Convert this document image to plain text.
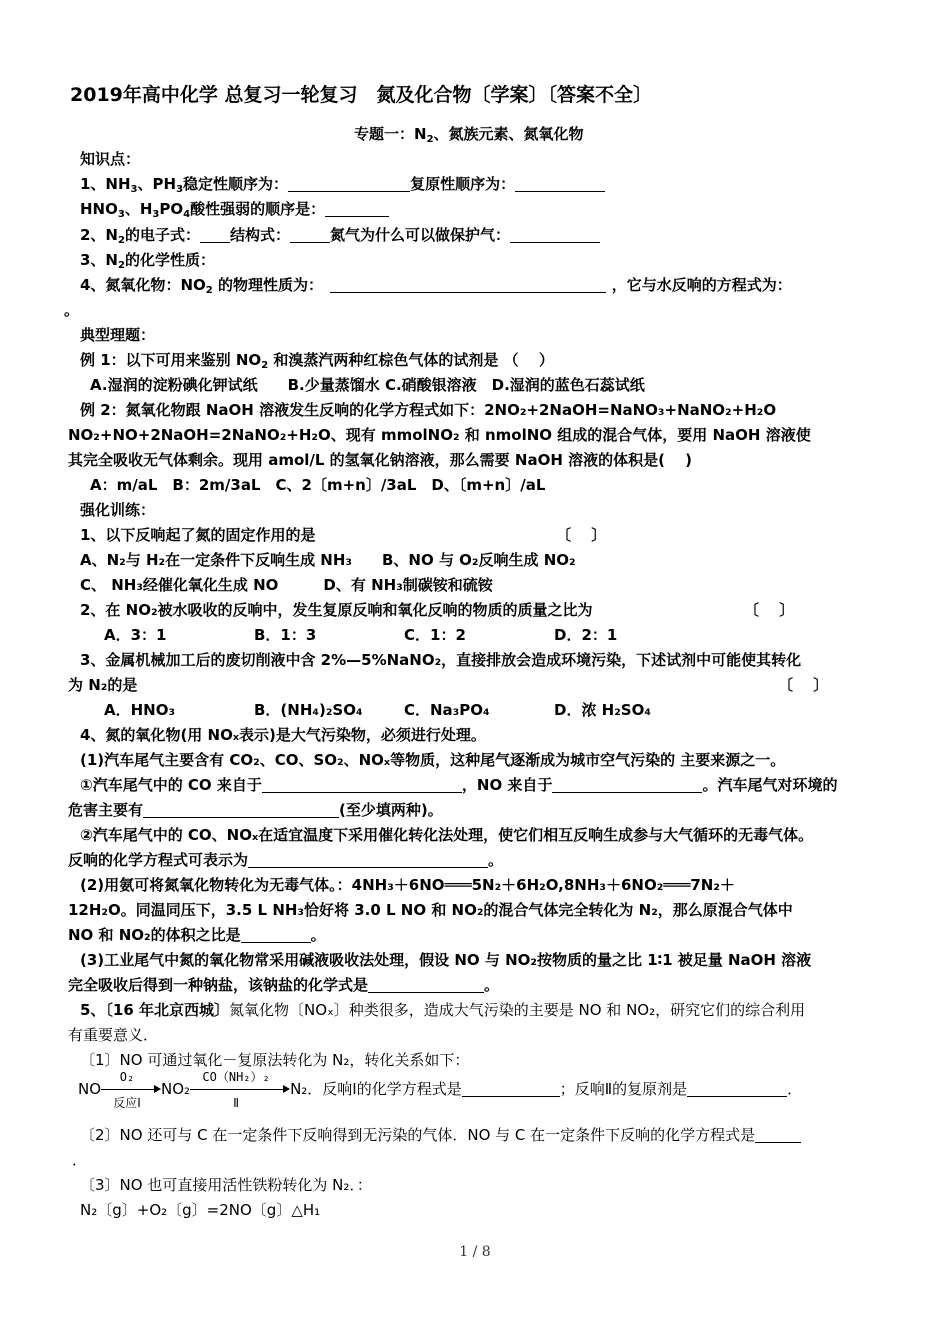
2019年高中化学 总复习一轮复习　氮及化合物〔学案〕〔答案不全〕
专题一：$N_2$、氮族元素、氮氧化物
知识点：
1、$NH_3$、$PH_3$稳定性顺序为：	复原性顺序为：
$HNO_3$、$H_3PO_4$酸性强弱的顺序是：
2、$N_2$的电子式： 结构式：	氮气为什么可以做保护气：
3、$N_2$的化学性质：
4、氮氧化物：$NO_2$ 的物理性质为：　	，它与水反响的方程式为：
。
典型理题：
例 1：以下可用来鉴别 $NO_2$ 和溴蒸汽两种红棕色气体的试剂是 （　 ）
A.湿润的淀粉碘化钾试纸　　B.少量蒸馏水 C.硝酸银溶液　D.湿润的蓝色石蕊试纸
例 2：氮氧化物跟 NaOH 溶液发生反响的化学方程式如下：2NO₂+2NaOH=NaNO₃+NaNO₂+H₂O
NO₂+NO+2NaOH=2NaNO₂+H₂O、现有 mmolNO₂ 和 nmolNO 组成的混合气体，要用 NaOH 溶液使
其完全吸收无气体剩余。现用 amol/L 的氢氧化钠溶液，那么需要 NaOH 溶液的体积是(　 )
A：m/aL　B：2m/3aL　C、2〔m+n〕/3aL　D、〔m+n〕/aL
强化训练：
1、以下反响起了氮的固定作用的是	〔　 〕
A、N₂与 H₂在一定条件下反响生成 NH₃　　B、NO 与 O₂反响生成 NO₂
C、 NH₃经催化氧化生成 NO　　　D、有 NH₃制碳铵和硫铵
2、在 NO₂被水吸收的反响中，发生复原反响和氧化反响的物质的质量之比为	〔　 〕
A．3：1	B．1：3	C．1：2	D．2：1
3、金属机械加工后的废切削液中含 2%—5%NaNO₂，直接排放会造成环境污染，下述试剂中可能使其转化
为 N₂的是	〔　 〕
A．HNO₃	B．(NH₄)₂SO₄	C．Na₃PO₄	D．浓 H₂SO₄
4、氮的氧化物(用 NOₓ表示)是大气污染物，必须进行处理。
(1)汽车尾气主要含有 CO₂、CO、SO₂、NOₓ等物质，这种尾气逐渐成为城市空气污染的 主要来源之一。
①汽车尾气中的 CO 来自于	，NO 来自于	。汽车尾气对环境的
危害主要有	(至少填两种)。
②汽车尾气中的 CO、NOₓ在适宜温度下采用催化转化法处理，使它们相互反响生成参与大气循环的无毒气体。
反响的化学方程式可表示为	。
(2)用氨可将氮氧化物转化为无毒气体。：4NH₃＋6NO═══5N₂＋6H₂O,8NH₃＋6NO₂═══7N₂＋
12H₂O。同温同压下，3.5 L NH₃恰好将 3.0 L NO 和 NO₂的混合气体完全转化为 N₂，那么原混合气体中
NO 和 NO₂的体积之比是	。
(3)工业尾气中氮的氧化物常采用碱液吸收法处理，假设 NO 与 NO₂按物质的量之比 1∶1 被足量 NaOH 溶液
完全吸收后得到一种钠盐，该钠盐的化学式是	。
5、〔16 年北京西城〕氮氧化物〔NOₓ〕种类很多，造成大气污染的主要是 NO 和 NO₂，研究它们的综合利用
有重要意义．
〔1〕NO 可通过氧化－复原法转化为 N₂，转化关系如下：
NO
O₂
反应Ⅰ
NO₂
CO（NH₂）₂
Ⅱ
N₂．反响Ⅰ的化学方程式是	；反响Ⅱ的复原剂是	．
〔2〕NO 还可与 C 在一定条件下反响得到无污染的气体．NO 与 C 在一定条件下反响的化学方程式是
．
〔3〕NO 也可直接用活性铁粉转化为 N₂．：
N₂〔g〕+O₂〔g〕=2NO〔g〕△H₁
1 / 8
